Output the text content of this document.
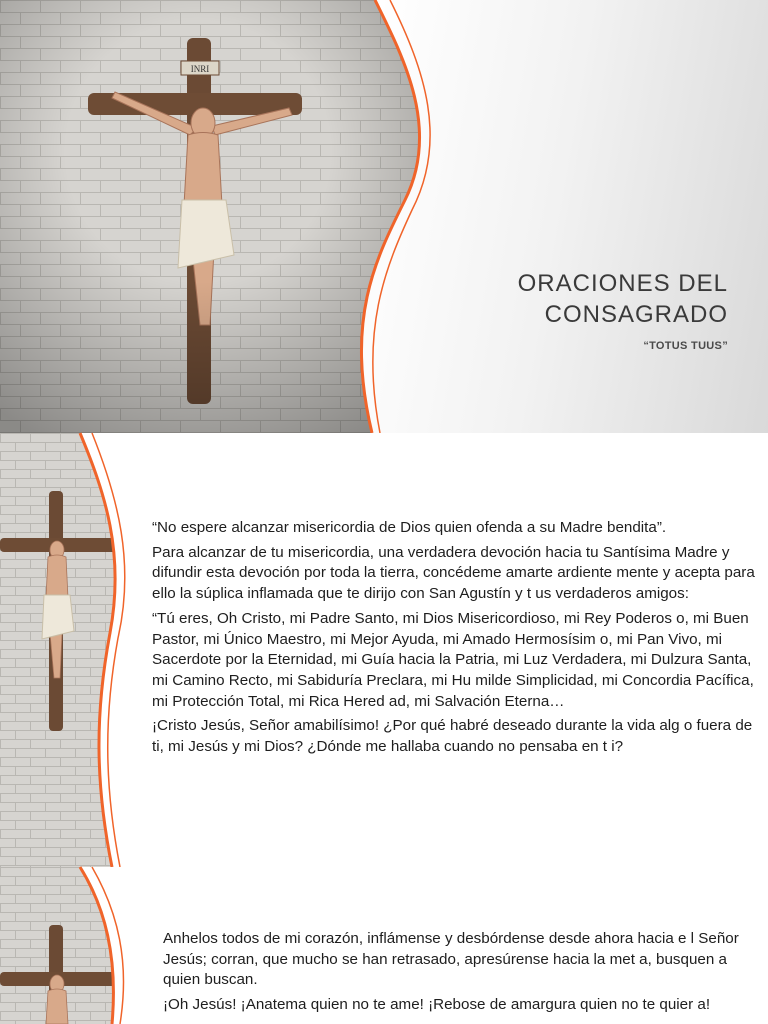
ORACIONES DEL
CONSAGRADO
“TOTUS TUUS”

“No espere alcanzar misericordia de Dios quien ofenda a su Madre bendita”.

Para alcanzar de tu misericordia, una verdadera devoción hacia tu Santísima Madre y difundir esta devoción por toda la tierra, concédeme amarte ardiente mente y acepta para ello la súplica inflamada que te dirijo con San Agustín y t us verdaderos amigos:

“Tú eres, Oh Cristo, mi Padre Santo, mi Dios Misericordioso, mi Rey Poderos o, mi Buen Pastor, mi Único Maestro, mi Mejor Ayuda, mi Amado Hermosísim o, mi Pan Vivo, mi Sacerdote por la Eternidad, mi Guía hacia la Patria, mi Luz Verdadera, mi Dulzura Santa, mi Camino Recto, mi Sabiduría Preclara, mi Hu milde Simplicidad, mi Concordia Pacífica, mi Protección Total, mi Rica Hered ad, mi Salvación Eterna…

¡Cristo Jesús, Señor amabilísimo! ¿Por qué habré deseado durante la vida alg o fuera de ti, mi Jesús y mi Dios? ¿Dónde me hallaba cuando no pensaba en t i?

Anhelos todos de mi corazón, inflámense y desbórdense desde ahora hacia e l Señor Jesús; corran, que mucho se han retrasado, apresúrense hacia la met a, busquen a quien buscan.

¡Oh Jesús! ¡Anatema quien no te ame! ¡Rebose de amargura quien no te quier a!
